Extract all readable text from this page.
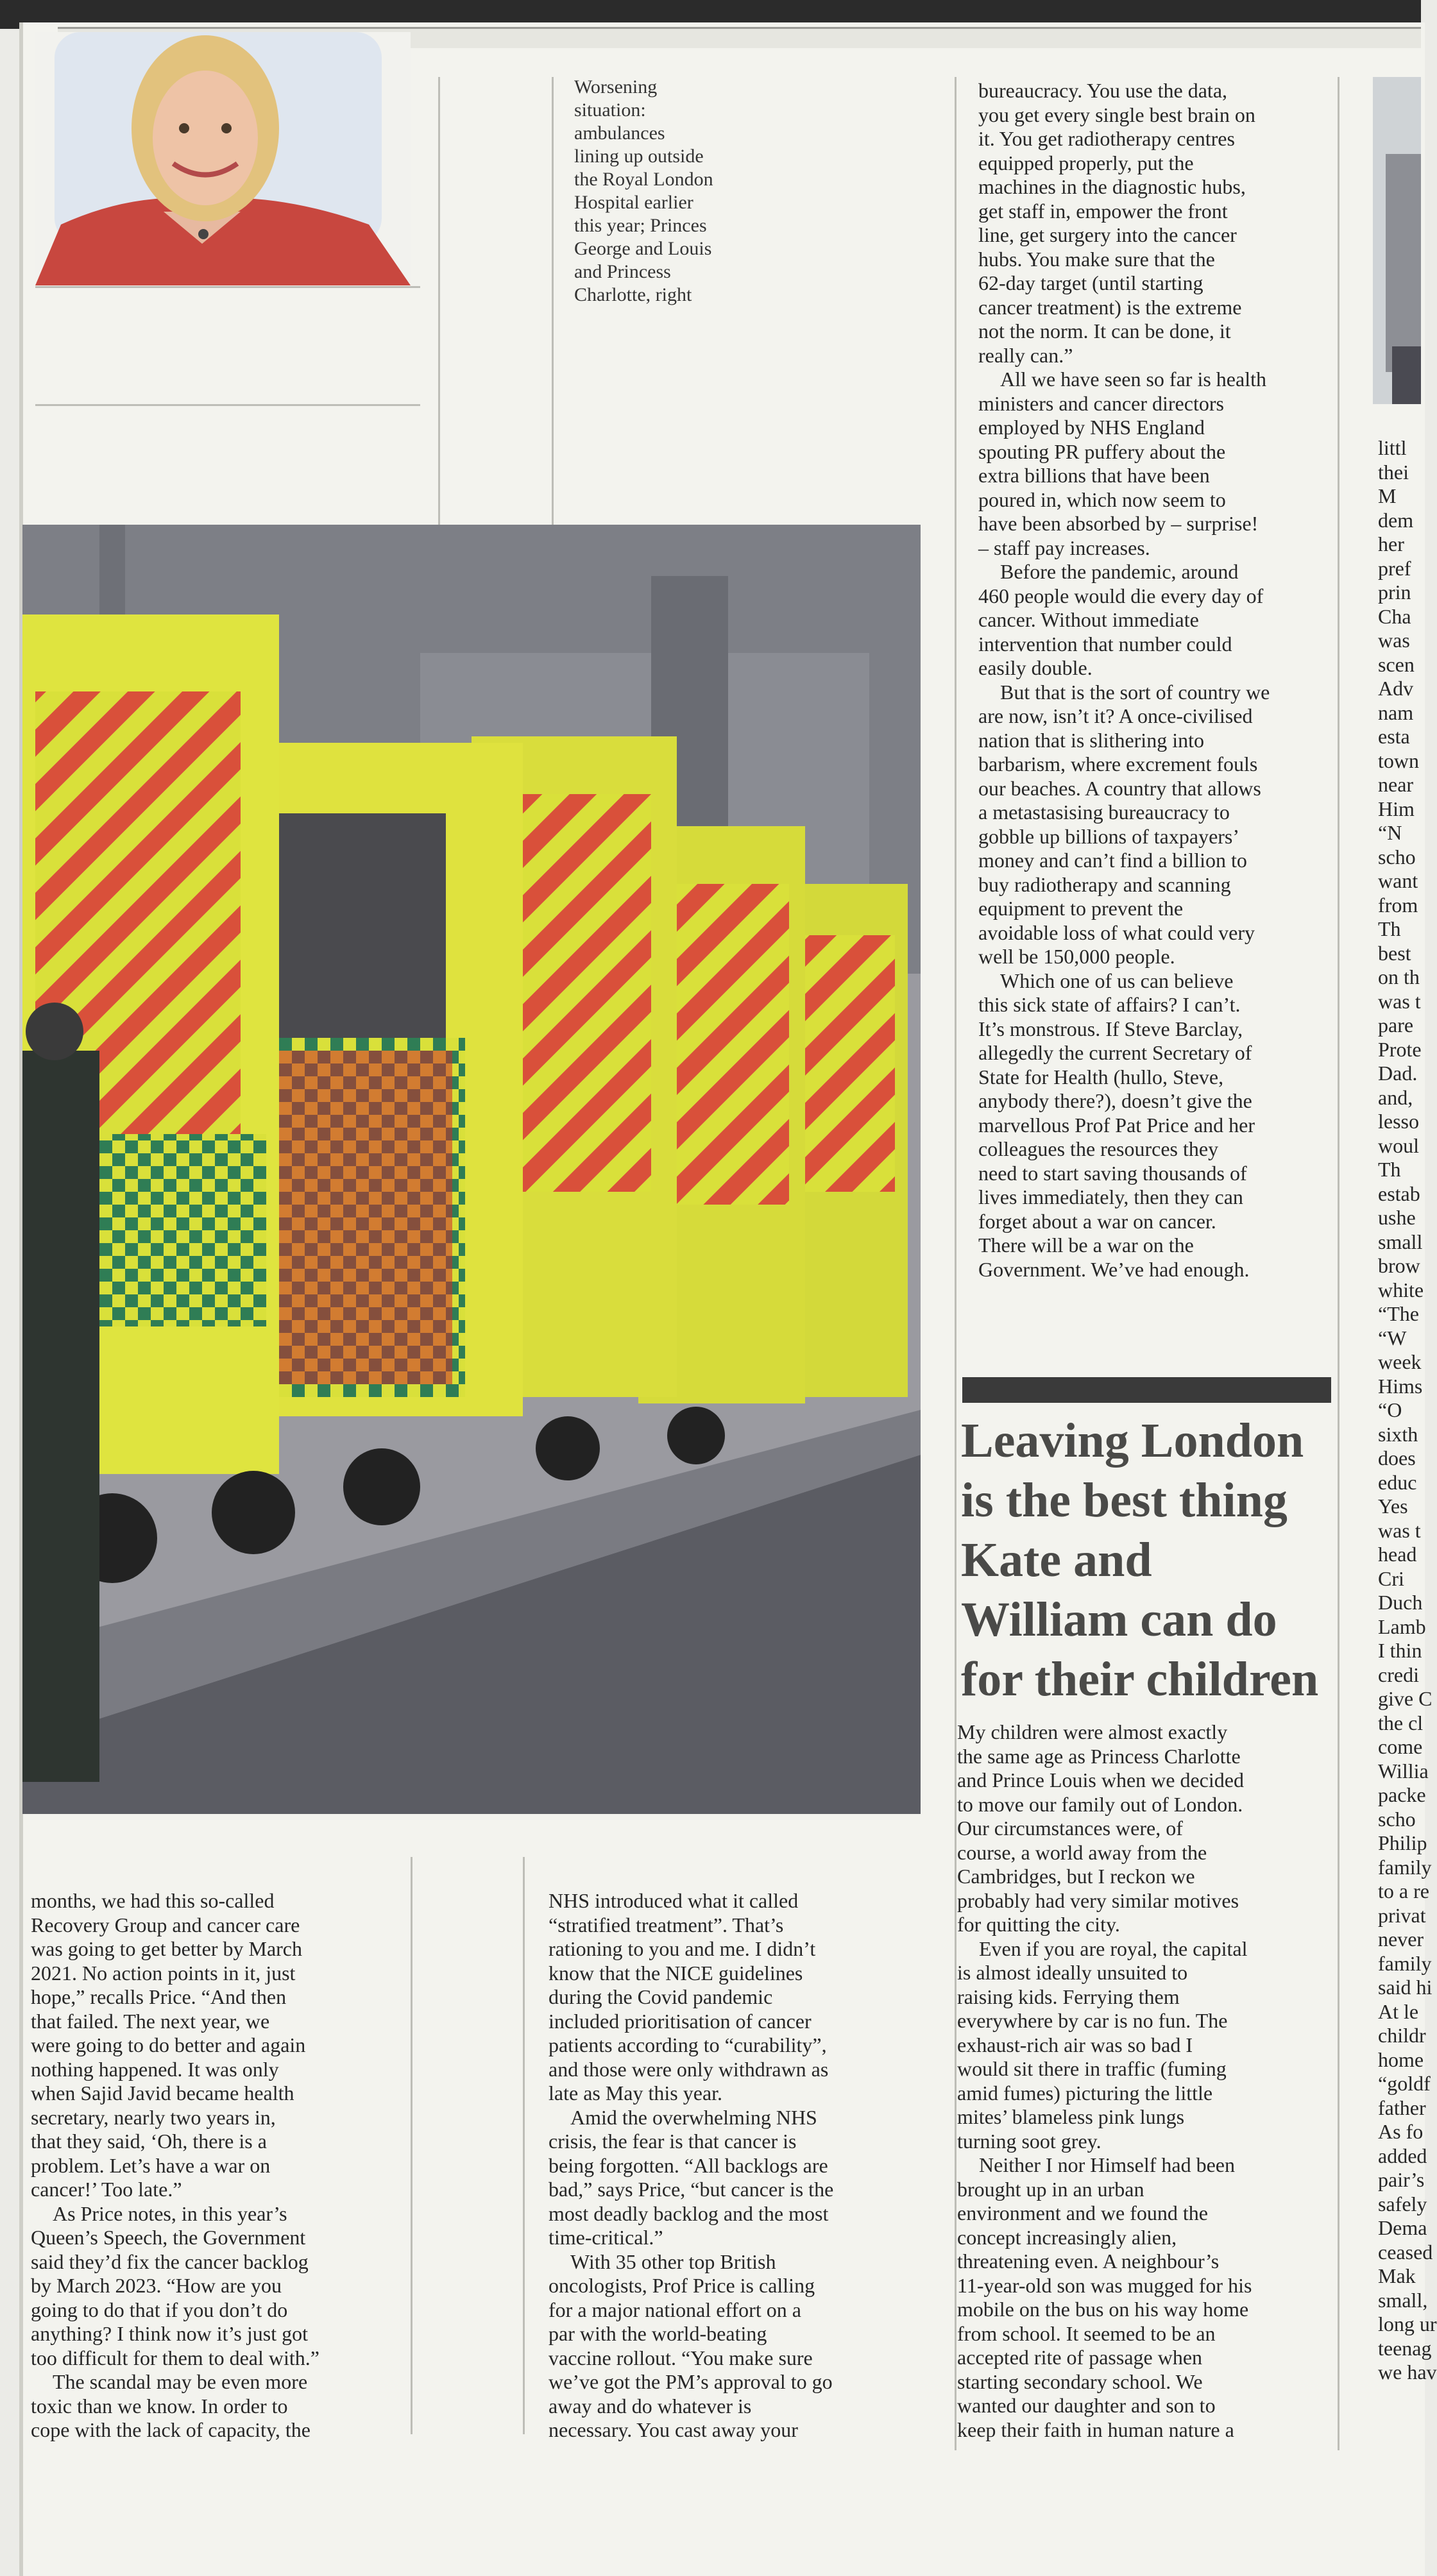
Worsening
situation:
ambulances
lining up outside
the Royal London
Hospital earlier
this year; Princes
George and Louis
and Princess
Charlotte, right

bureaucracy. You use the data,

you get every single best brain on

it. You get radiotherapy centres

equipped properly, put the

machines in the diagnostic hubs,

get staff in, empower the front

line, get surgery into the cancer

hubs. You make sure that the

62-day target (until starting

cancer treatment) is the extreme

not the norm. It can be done, it

really can.”

All we have seen so far is health

ministers and cancer directors

employed by NHS England

spouting PR puffery about the

extra billions that have been

poured in, which now seem to

have been absorbed by – surprise!

– staff pay increases.

Before the pandemic, around

460 people would die every day of

cancer. Without immediate

intervention that number could

easily double.

But that is the sort of country we

are now, isn’t it? A once-civilised

nation that is slithering into

barbarism, where excrement fouls

our beaches. A country that allows

a metastasising bureaucracy to

gobble up billions of taxpayers’

money and can’t find a billion to

buy radiotherapy and scanning

equipment to prevent the

avoidable loss of what could very

well be 150,000 people.

Which one of us can believe

this sick state of affairs? I can’t.

It’s monstrous. If Steve Barclay,

allegedly the current Secretary of

State for Health (hullo, Steve,

anybody there?), doesn’t give the

marvellous Prof Pat Price and her

colleagues the resources they

need to start saving thousands of

lives immediately, then they can

forget about a war on cancer.

There will be a war on the

Government. We’ve had enough.

Leaving London
is the best thing
Kate and
William can do
for their children

My children were almost exactly

the same age as Princess Charlotte

and Prince Louis when we decided

to move our family out of London.

Our circumstances were, of

course, a world away from the

Cambridges, but I reckon we

probably had very similar motives

for quitting the city.

Even if you are royal, the capital

is almost ideally unsuited to

raising kids. Ferrying them

everywhere by car is no fun. The

exhaust-rich air was so bad I

would sit there in traffic (fuming

amid fumes) picturing the little

mites’ blameless pink lungs

turning soot grey.

Neither I nor Himself had been

brought up in an urban

environment and we found the

concept increasingly alien,

threatening even. A neighbour’s

11-year-old son was mugged for his

mobile on the bus on his way home

from school. It seemed to be an

accepted rite of passage when

starting secondary school. We

wanted our daughter and son to

keep their faith in human nature a

months, we had this so-called

Recovery Group and cancer care

was going to get better by March

2021. No action points in it, just

hope,” recalls Price. “And then

that failed. The next year, we

were going to do better and again

nothing happened. It was only

when Sajid Javid became health

secretary, nearly two years in,

that they said, ‘Oh, there is a

problem. Let’s have a war on

cancer!’ Too late.”

As Price notes, in this year’s

Queen’s Speech, the Government

said they’d fix the cancer backlog

by March 2023. “How are you

going to do that if you don’t do

anything? I think now it’s just got

too difficult for them to deal with.”

The scandal may be even more

toxic than we know. In order to

cope with the lack of capacity, the

NHS introduced what it called

“stratified treatment”. That’s

rationing to you and me. I didn’t

know that the NICE guidelines

during the Covid pandemic

included prioritisation of cancer

patients according to “curability”,

and those were only withdrawn as

late as May this year.

Amid the overwhelming NHS

crisis, the fear is that cancer is

being forgotten. “All backlogs are

bad,” says Price, “but cancer is the

most deadly backlog and the most

time-critical.”

With 35 other top British

oncologists, Prof Price is calling

for a major national effort on a

par with the world-beating

vaccine rollout. “You make sure

we’ve got the PM’s approval to go

away and do whatever is

necessary. You cast away your

littl
thei
M
dem
her
pref
prin
Cha
was
scen
Adv
nam
esta
town
near
Him
“N
scho
want
from
Th
best
on th
was t
pare
Prote
Dad.
and,
lesso
woul
Th
estab
ushe
small
brow
white
“The
“W
week
Hims
“O
sixth
does
educ
Yes
was t
head
Cri
Duch
Lamb
I thin
credi
give C
the cl
come
Willia
packe
scho
Philip
family
to a re
privat
never
family
said hi
At le
childr
home
“goldf
father
As fo
added
pair’s
safely
Dema
ceased
Mak
small,
long ur
teenag
we hav
